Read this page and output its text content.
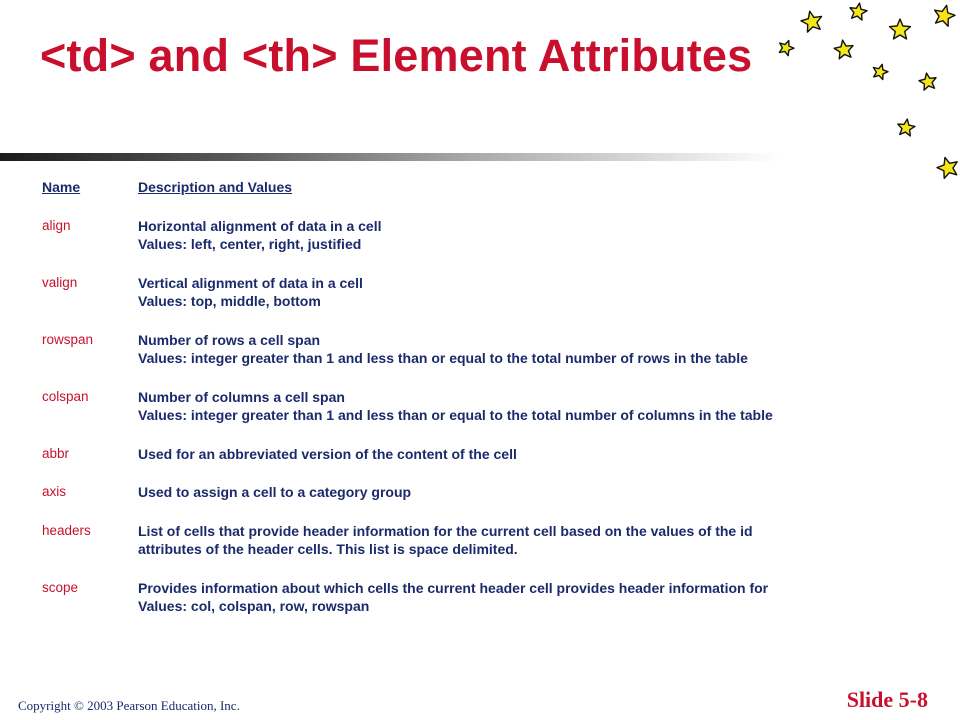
<td> and <th> Element Attributes
Name	Description and Values
align	Horizontal alignment of data in a cell
Values: left, center, right, justified

valign	Vertical alignment of data in a cell
Values: top, middle, bottom

rowspan	Number of rows a cell span
Values: integer greater than 1 and less than or equal to the total number of rows in the table

colspan	Number of columns a cell span
Values: integer greater than 1 and less than or equal to the total number of columns in the table

abbr	Used for an abbreviated version of the content of the cell

axis	Used to assign a cell to a category group

headers	List of cells that provide header information for the current cell based on the values of the id
attributes of the header cells. This list is space delimited.

scope	Provides information about which cells the current header cell provides header information for
Values: col, colspan, row, rowspan
Copyright © 2003 Pearson Education, Inc.	Slide 5-8
